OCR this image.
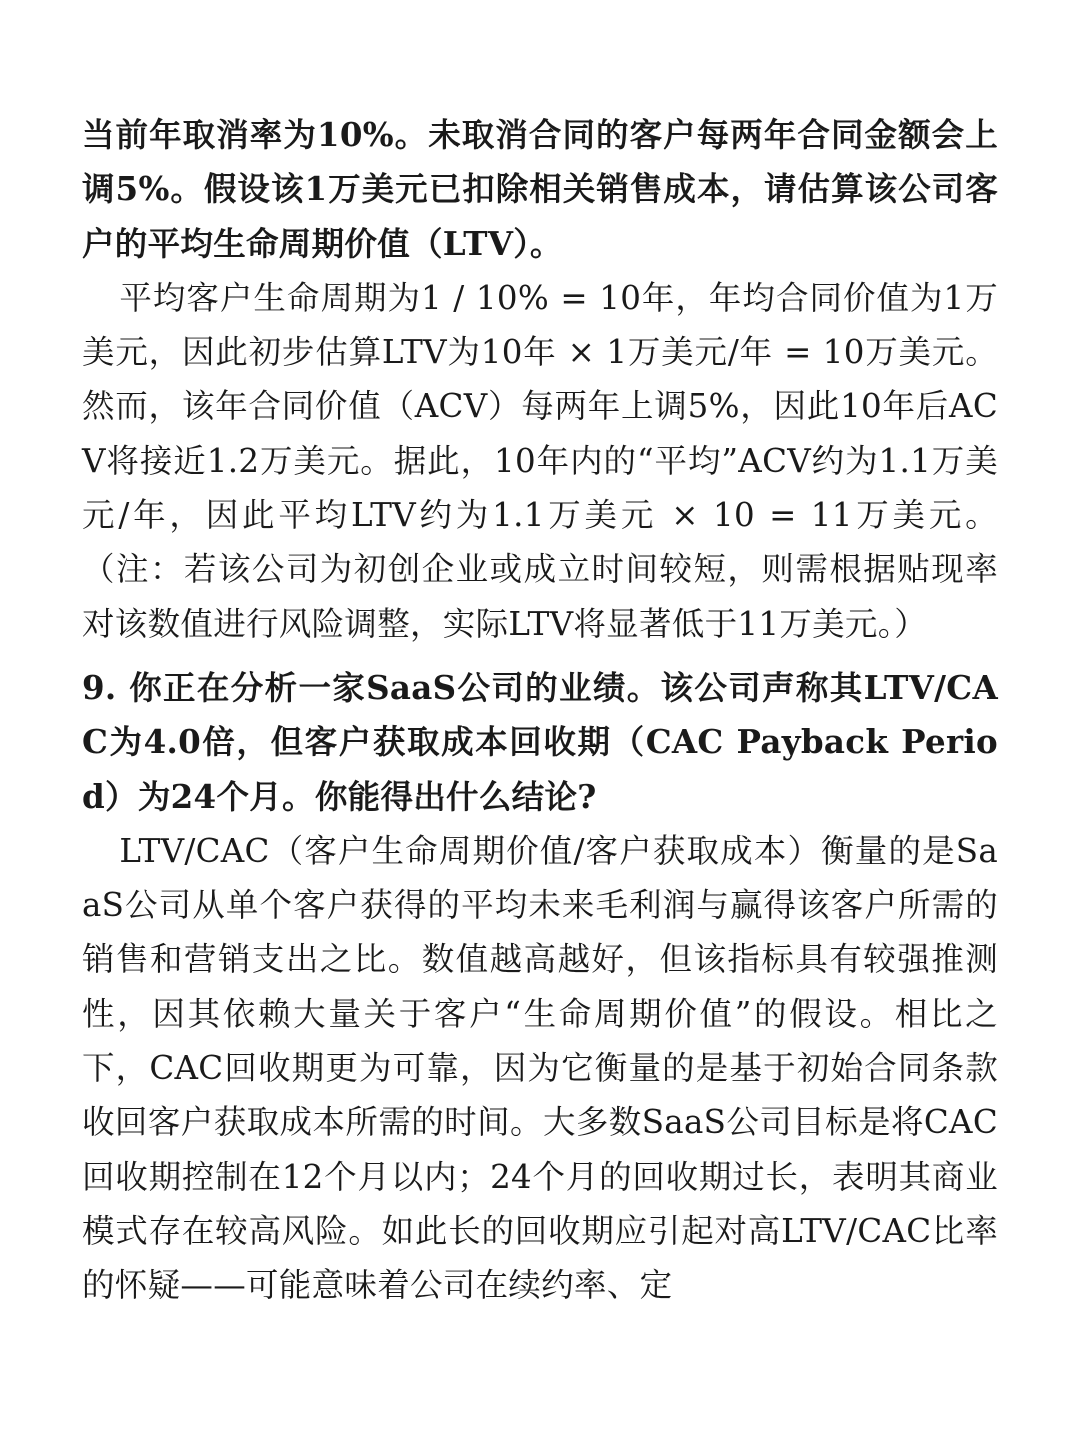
当前年取消率为10%。未取消合同的客户每两年合同金额会上调5%。假设该1万美元已扣除相关销售成本，请估算该公司客户的平均生命周期价值（LTV）。

平均客户生命周期为1 / 10% = 10年，年均合同价值为1万美元，因此初步估算LTV为10年 × 1万美元/年 = 10万美元。然而，该年合同价值（ACV）每两年上调5%，因此10年后ACV将接近1.2万美元。据此，10年内的“平均”ACV约为1.1万美元/年，因此平均LTV约为1.1万美元 × 10 = 11万美元。（注：若该公司为初创企业或成立时间较短，则需根据贴现率对该数值进行风险调整，实际LTV将显著低于11万美元。）

9. 你正在分析一家SaaS公司的业绩。该公司声称其LTV/CAC为4.0倍，但客户获取成本回收期（CAC Payback Period）为24个月。你能得出什么结论?

LTV/CAC（客户生命周期价值/客户获取成本）衡量的是SaaS公司从单个客户获得的平均未来毛利润与赢得该客户所需的销售和营销支出之比。数值越高越好，但该指标具有较强推测性，因其依赖大量关于客户“生命周期价值”的假设。相比之下，CAC回收期更为可靠，因为它衡量的是基于初始合同条款收回客户获取成本所需的时间。大多数SaaS公司目标是将CAC回收期控制在12个月以内；24个月的回收期过长，表明其商业模式存在较高风险。如此长的回收期应引起对高LTV/CAC比率的怀疑——可能意味着公司在续约率、定
